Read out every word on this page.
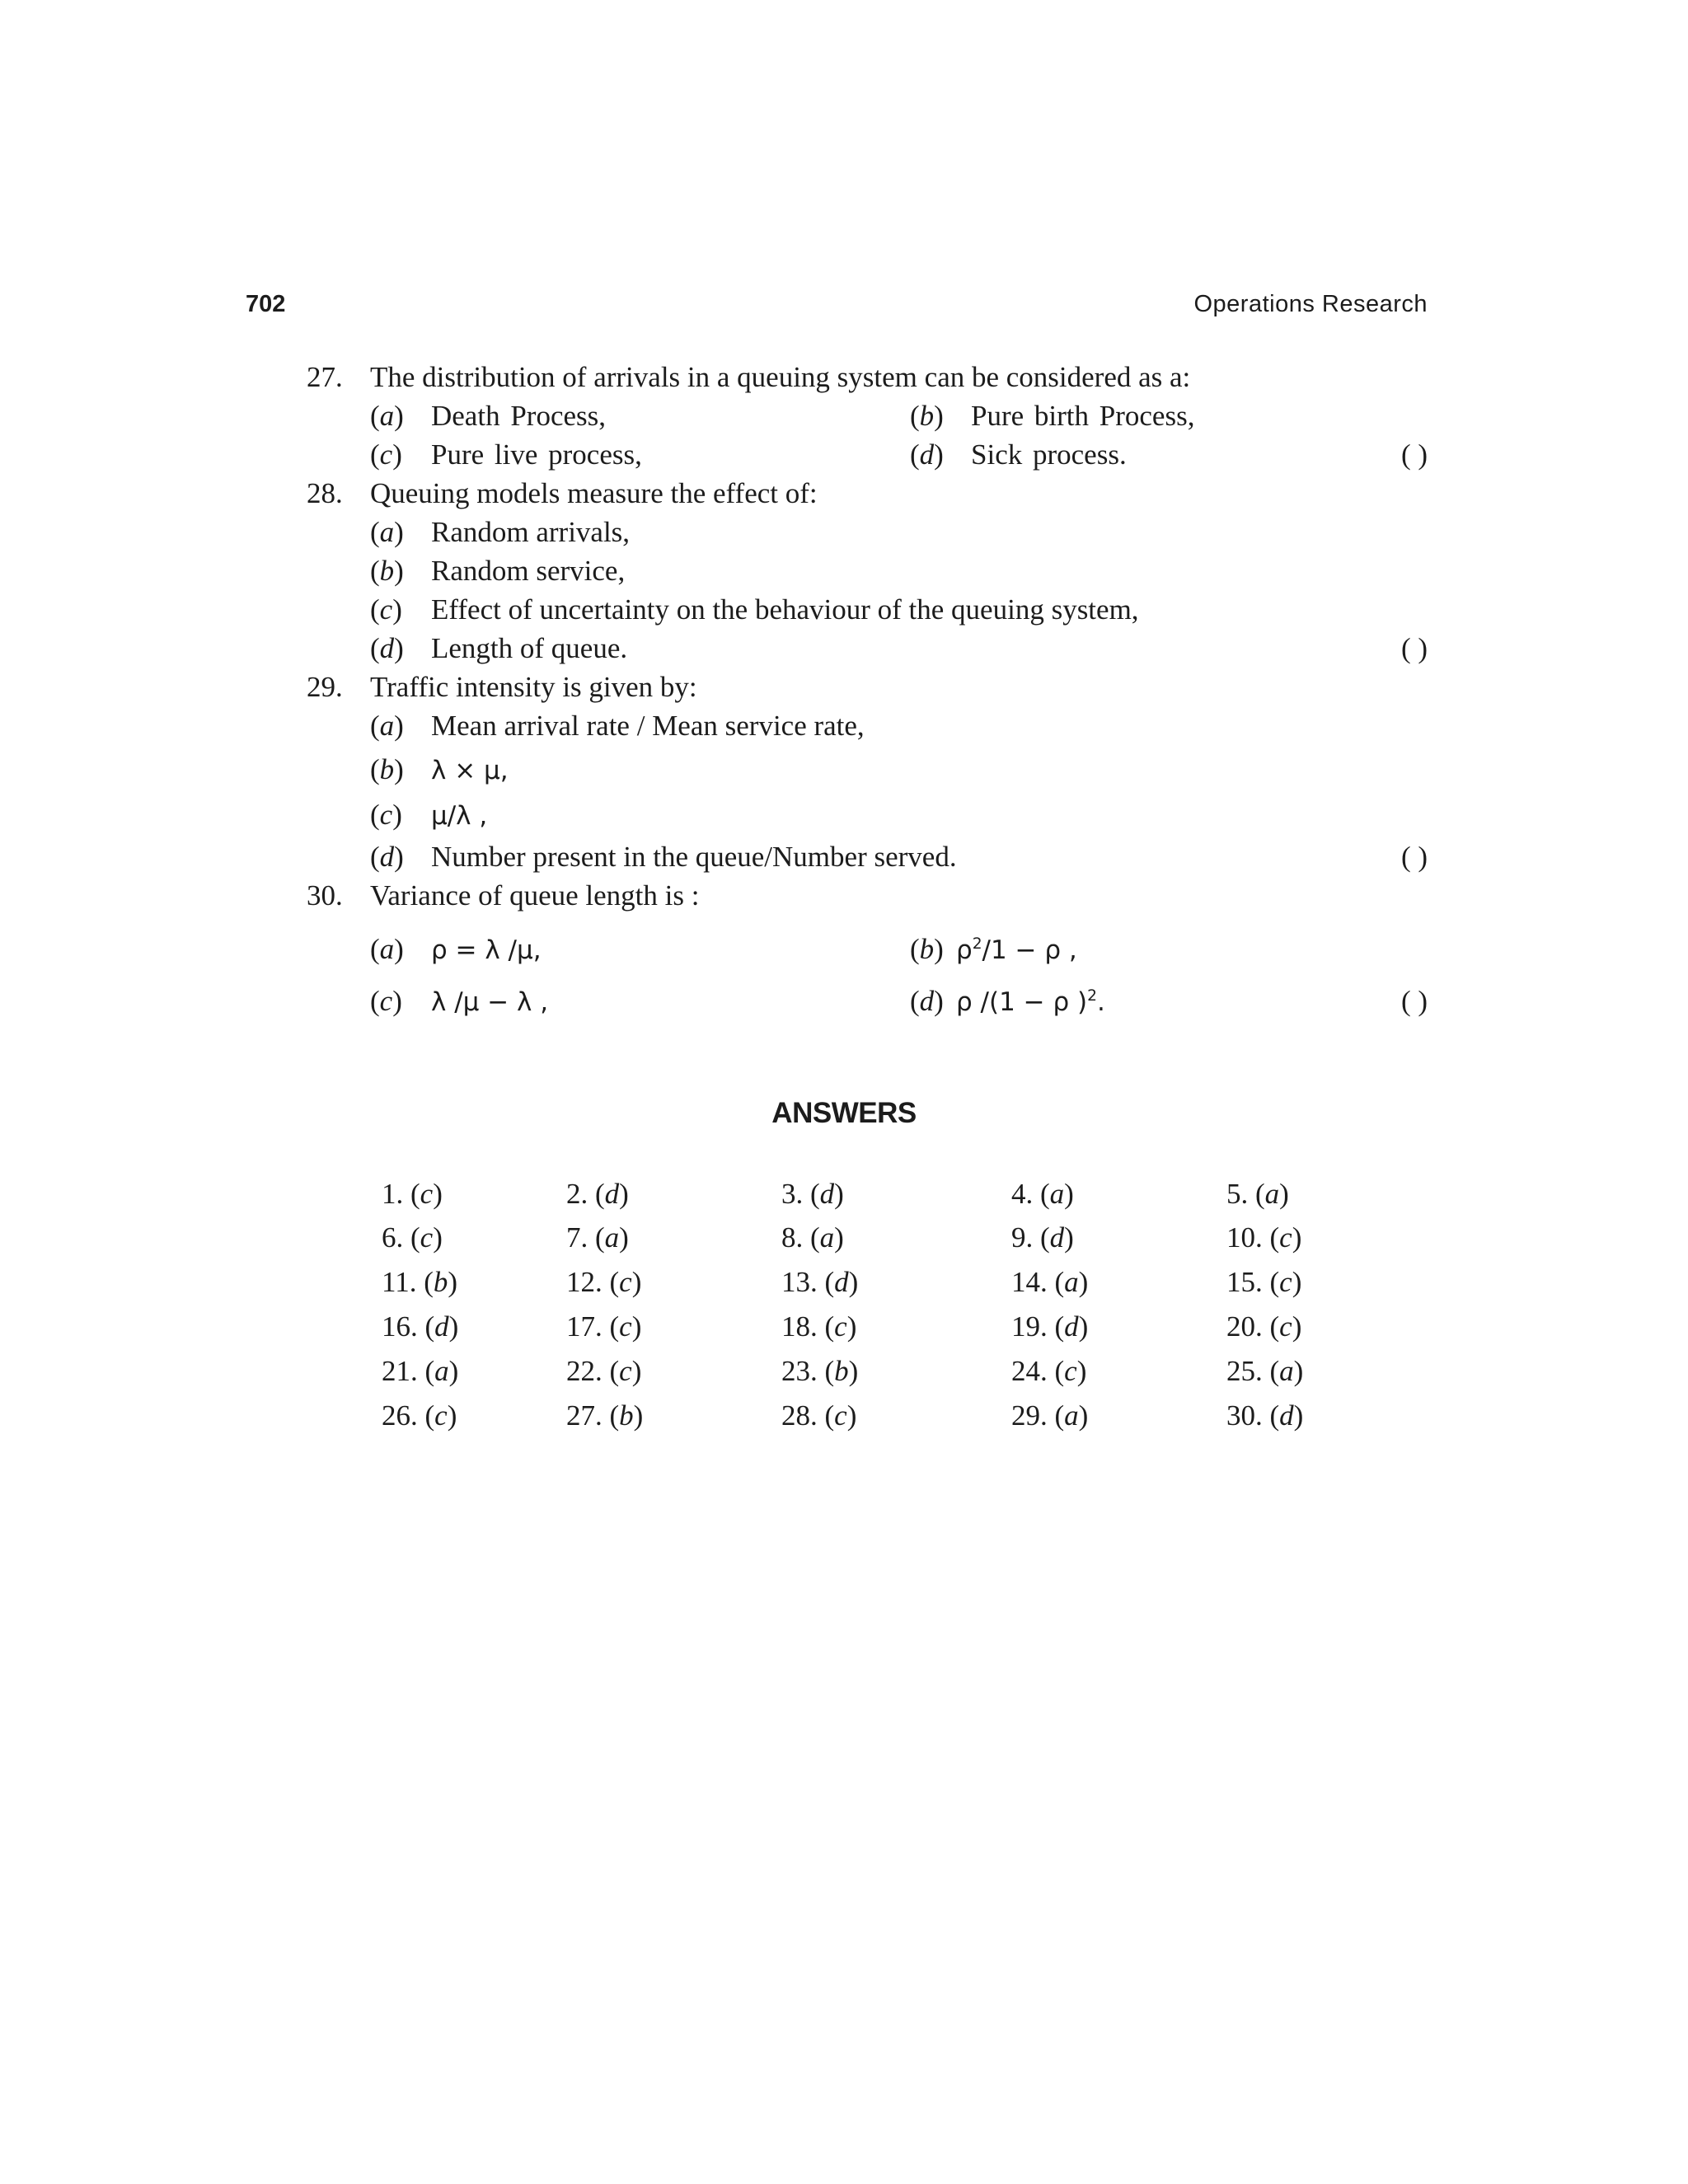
702	Operations Research
27. The distribution of arrivals in a queuing system can be considered as a:
(a) Death Process,	(b) Pure birth Process,
(c) Pure live process,	(d) Sick process.	( )
28. Queuing models measure the effect of:
(a) Random arrivals,
(b) Random service,
(c) Effect of uncertainty on the behaviour of the queuing system,
(d) Length of queue.	( )
29. Traffic intensity is given by:
(a) Mean arrival rate / Mean service rate,
(b) λ × μ,
(c) μ/λ ,
(d) Number present in the queue/Number served.	( )
30. Variance of queue length is :
(a) ρ = λ /μ,	(b) $\rho^2/1 - \rho$ ,
(c) λ /μ − λ ,	(d) ρ /(1 − ρ )$^2$.	( )
ANSWERS
1. (c)	2. (d)	3. (d)	4. (a)	5. (a)
6. (c)	7. (a)	8. (a)	9. (d)	10. (c)
11. (b)	12. (c)	13. (d)	14. (a)	15. (c)
16. (d)	17. (c)	18. (c)	19. (d)	20. (c)
21. (a)	22. (c)	23. (b)	24. (c)	25. (a)
26. (c)	27. (b)	28. (c)	29. (a)	30. (d)
